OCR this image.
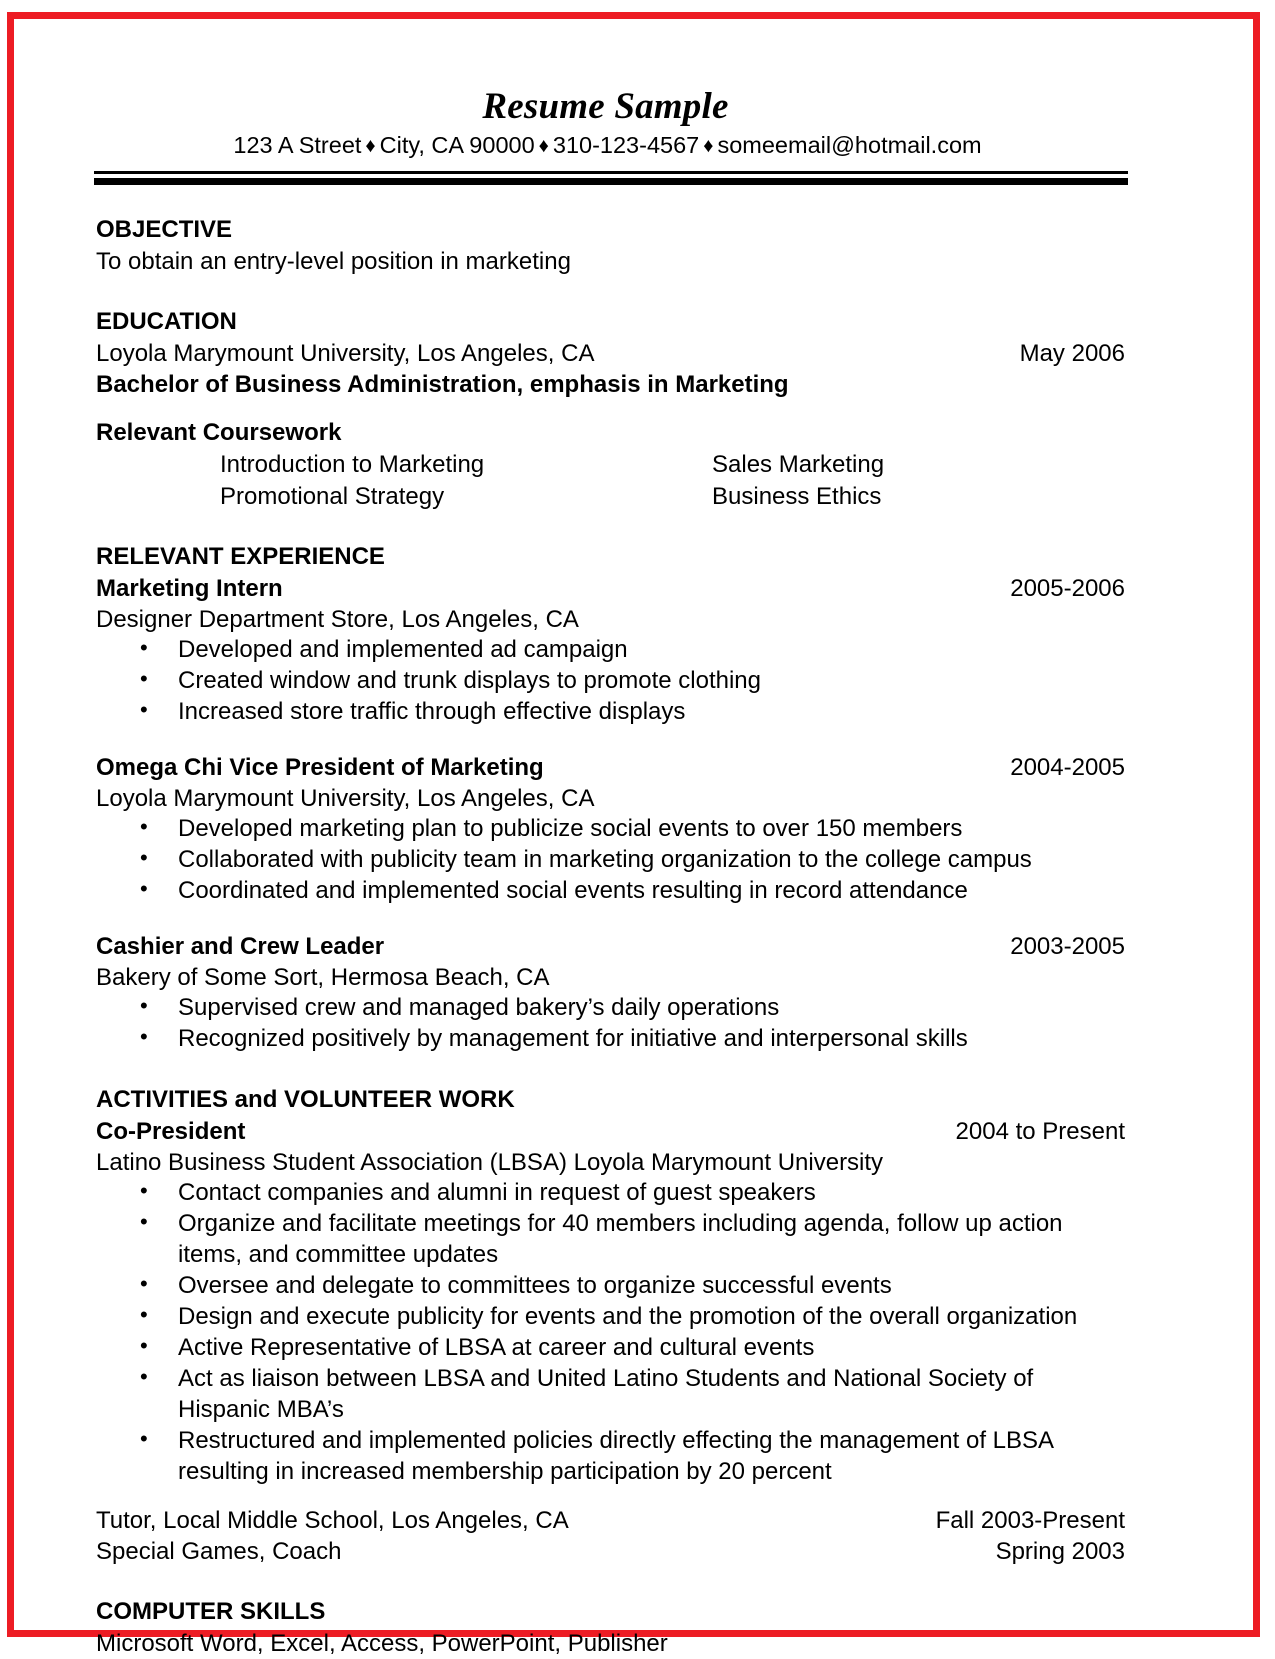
Resume Sample
123 A Street ♦ City, CA 90000 ♦ 310-123-4567 ♦ someemail@hotmail.com
OBJECTIVE
To obtain an entry-level position in marketing
EDUCATION
Loyola Marymount University, Los Angeles, CA	May 2006
Bachelor of Business Administration, emphasis in Marketing
Relevant Coursework
Introduction to Marketing	Sales Marketing
Promotional Strategy	Business Ethics
RELEVANT EXPERIENCE
Marketing Intern	2005-2006
Designer Department Store, Los Angeles, CA
• Developed and implemented ad campaign
• Created window and trunk displays to promote clothing
• Increased store traffic through effective displays
Omega Chi Vice President of Marketing	2004-2005
Loyola Marymount University, Los Angeles, CA
• Developed marketing plan to publicize social events to over 150 members
• Collaborated with publicity team in marketing organization to the college campus
• Coordinated and implemented social events resulting in record attendance
Cashier and Crew Leader	2003-2005
Bakery of Some Sort, Hermosa Beach, CA
• Supervised crew and managed bakery’s daily operations
• Recognized positively by management for initiative and interpersonal skills
ACTIVITIES and VOLUNTEER WORK
Co-President	2004 to Present
Latino Business Student Association (LBSA) Loyola Marymount University
• Contact companies and alumni in request of guest speakers
• Organize and facilitate meetings for 40 members including agenda, follow up action items, and committee updates
• Oversee and delegate to committees to organize successful events
• Design and execute publicity for events and the promotion of the overall organization
• Active Representative of LBSA at career and cultural events
• Act as liaison between LBSA and United Latino Students and National Society of Hispanic MBA’s
• Restructured and implemented policies directly effecting the management of LBSA resulting in increased membership participation by 20 percent
Tutor, Local Middle School, Los Angeles, CA	Fall 2003-Present
Special Games, Coach	Spring 2003
COMPUTER SKILLS
Microsoft Word, Excel, Access, PowerPoint, Publisher
